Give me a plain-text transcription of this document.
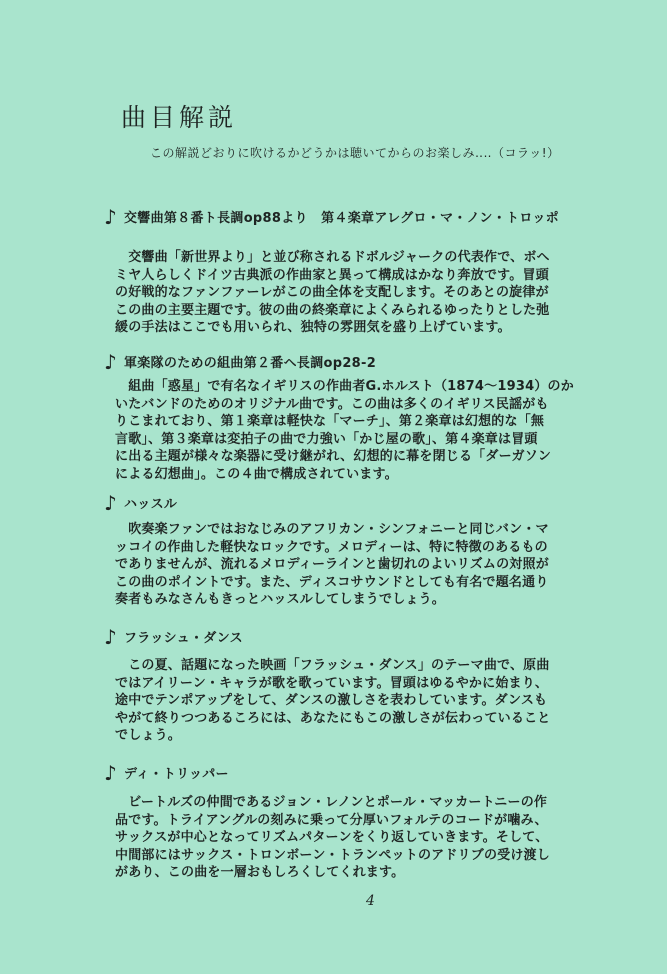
曲目解説

この解説どおりに吹けるかどうかは聴いてからのお楽しみ‥‥（コラッ!）

♪ 交響曲第８番ト長調op88より　第４楽章アレグロ・マ・ノン・トロッポ

　交響曲「新世界より」と並び称されるドボルジャークの代表作で、ボヘ
ミヤ人らしくドイツ古典派の作曲家と異って構成はかなり奔放です。冒頭
の好戦的なファンファーレがこの曲全体を支配します。そのあとの旋律が
この曲の主要主題です。彼の曲の終楽章によくみられるゆったりとした弛
緩の手法はここでも用いられ、独特の雰囲気を盛り上げています。

♪ 軍楽隊のための組曲第２番ヘ長調op28-2

　組曲「惑星」で有名なイギリスの作曲者G.ホルスト（1874〜1934）のか
いたバンドのためのオリジナル曲です。この曲は多くのイギリス民謡がも
りこまれており、第１楽章は軽快な「マーチ」、第２楽章は幻想的な「無
言歌」、第３楽章は変拍子の曲で力強い「かじ屋の歌」、第４楽章は冒頭
に出る主題が様々な楽器に受け継がれ、幻想的に幕を閉じる「ダーガソン
による幻想曲」。この４曲で構成されています。

♪ ハッスル

　吹奏楽ファンではおなじみのアフリカン・シンフォニーと同じバン・マ
ッコイの作曲した軽快なロックです。メロディーは、特に特徴のあるもの
でありませんが、流れるメロディーラインと歯切れのよいリズムの対照が
この曲のポイントです。また、ディスコサウンドとしても有名で題名通り
奏者もみなさんもきっとハッスルしてしまうでしょう。

♪ フラッシュ・ダンス

　この夏、話題になった映画「フラッシュ・ダンス」のテーマ曲で、原曲
ではアイリーン・キャラが歌を歌っています。冒頭はゆるやかに始まり、
途中でテンポアップをして、ダンスの激しさを表わしています。ダンスも
やがて終りつつあるころには、あなたにもこの激しさが伝わっていること
でしょう。

♪ ディ・トリッパー

　ビートルズの仲間であるジョン・レノンとポール・マッカートニーの作
品です。トライアングルの刻みに乗って分厚いフォルテのコードが噛み、
サックスが中心となってリズムパターンをくり返していきます。そして、
中間部にはサックス・トロンボーン・トランペットのアドリブの受け渡し
があり、この曲を一層おもしろくしてくれます。

4
